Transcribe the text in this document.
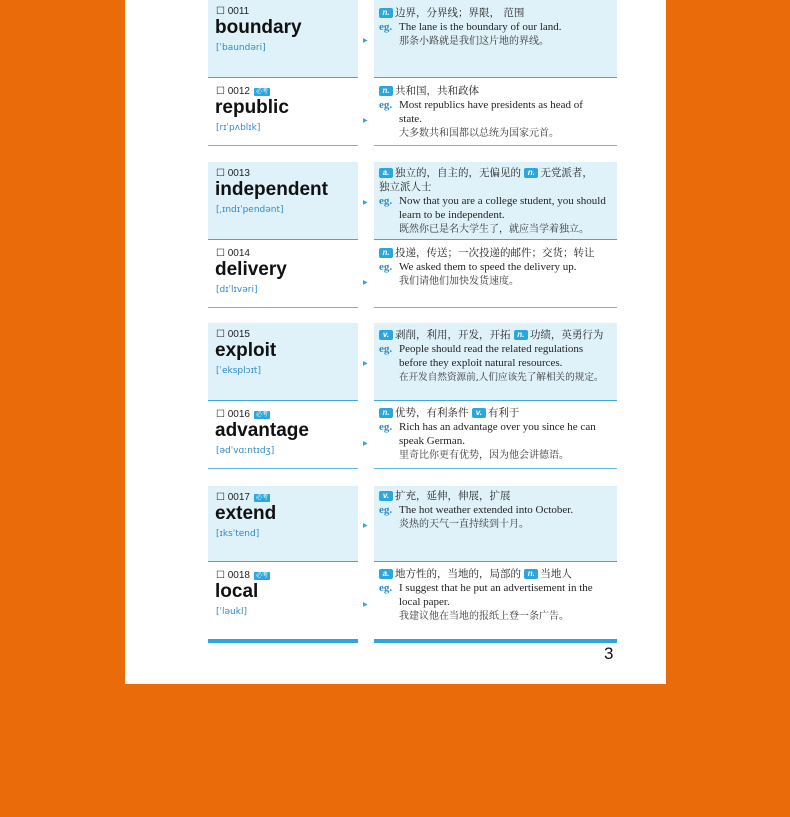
☐ 0011
boundary
[ˈbaundəri]
▶
n. 边界，分界线；界限， 范围
eg. The lane is the boundary of our land.
那条小路就是我们这片地的界线。
☐ 0012 必考
republic
[rɪˈpʌblɪk]
▶
n. 共和国，共和政体
eg. Most republics have presidents as head of
state.
大多数共和国都以总统为国家元首。
☐ 0013
independent
[ˌɪndɪˈpendənt]
▶
a. 独立的，自主的，无偏见的 n. 无党派者，
独立派人士
eg. Now that you are a college student, you should
learn to be independent.
既然你已是名大学生了，就应当学着独立。
☐ 0014
delivery
[dɪˈlɪvəri]
▶
n. 投递，传送；一次投递的邮件；交货；转让
eg. We asked them to speed the delivery up.
我们请他们加快发货速度。
☐ 0015
exploit
[ˈeksplɔɪt]
▶
v. 剥削，利用，开发，开拓 n. 功绩，英勇行为
eg. People should read the related regulations
before they exploit natural resources.
在开发自然资源前,人们应该先了解相关的规定。
☐ 0016 必考
advantage
[ədˈvɑːntɪdʒ]
▶
n. 优势，有利条件 v. 有利于
eg. Rich has an advantage over you since he can
speak German.
里奇比你更有优势，因为他会讲德语。
☐ 0017 必考
extend
[ɪksˈtend]
▶
v. 扩充，延伸，伸展，扩展
eg. The hot weather extended into October.
炎热的天气一直持续到十月。
☐ 0018 必考
local
[ˈləukl]
▶
a. 地方性的，当地的，局部的 n. 当地人
eg. I suggest that he put an advertisement in the
local paper.
我建议他在当地的报纸上登一条广告。
3
